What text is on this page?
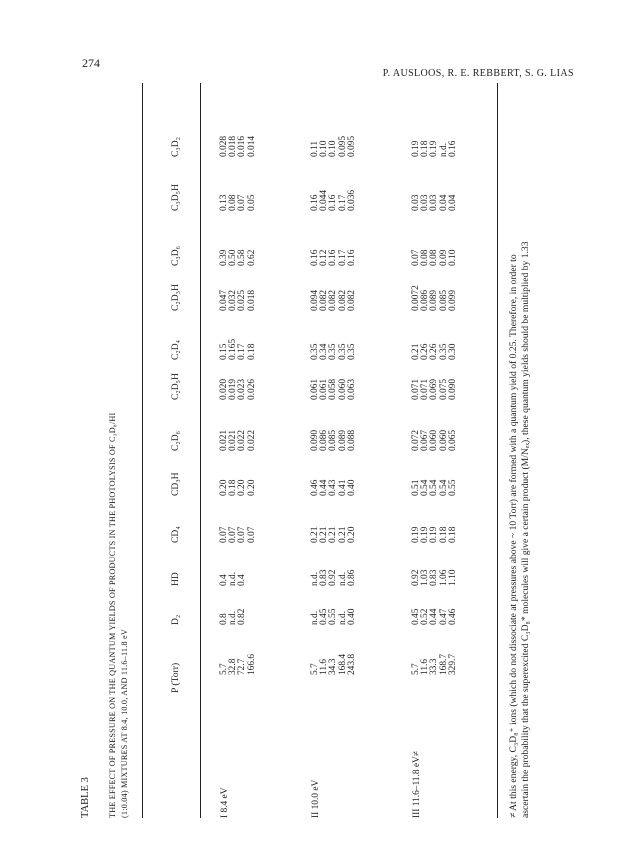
274
P. AUSLOOS, R. E. REBBERT, S. G. LIAS
TABLE 3 THE EFFECT OF PRESSURE ON THE QUANTUM YIELDS OF PRODUCTS IN THE PHOTOLYSIS OF C₃D₈/HI (1:0.04) MIXTURES AT 8.4, 10.0, AND 11.6–11.8 eV	P (Torr)
D₂
HD
CD₄
CD₃H
C₂D₆
C₂D₅H
C₂D₄
C₂D₃H
C₃D₆
C₃D₅H
C₃D₂
I 8.4 eV
5.7
0.8
0.4
0.07
0.20
0.021
0.020
0.15
0.047
0.39
0.13
0.028
32.8
n.d.
n.d.
0.07
0.18
0.021
0.019
0.165
0.032
0.50
0.08
0.018
72.7
0.82
0.4
0.07
0.20
0.022
0.023
0.17
0.025
0.58
0.07
0.016
166.6
0.07
0.20
0.022
0.026
0.18
0.018
0.62
0.05
0.014
II 10.0 eV
5.7
n.d.
n.d.
0.21
0.46
0.090
0.061
0.35
0.094
0.16
0.16
0.11
11.6
0.45
0.83
0.21
0.44
0.086
0.061
0.34
0.082
0.12
0.044
0.10
34.3
0.55
0.92
0.21
0.43
0.085
0.058
0.35
0.082
0.16
0.16
0.10
168.4
n.d.
n.d.
0.21
0.41
0.089
0.060
0.35
0.082
0.17
0.17
0.095
243.8
0.40
0.86
0.20
0.40
0.088
0.063
0.35
0.082
0.16
0.036
0.095
III 11.6–11.8 eV≠
5.7
0.45
0.92
0.19
0.51
0.072
0.071
0.21
0.0072
0.07
0.03
0.19
11.6
0.52
1.03
0.19
0.54
0.067
0.071
0.26
0.086
0.08
0.03
0.18
33.3
0.44
0.83
0.19
0.54
0.060
0.069
0.26
0.089
0.08
0.03
0.19
168.7
0.47
1.06
0.18
0.54
0.060
0.075
0.35
0.085
0.09
0.04
n.d.
329.7
0.46
1.10
0.18
0.55
0.065
0.090
0.30
0.099
0.10
0.04
0.16
≠ At this energy, C₃D₈⁺ ions (which do not dissociate at pressures above ~ 10 Torr) are formed with a quantum yield of 0.25. Therefore, in order to ascertain the probability that the superexcited C₃D₈* molecules will give a certain product (M/Nₑₓ), these quantum yields should be multiplied by 1.33
